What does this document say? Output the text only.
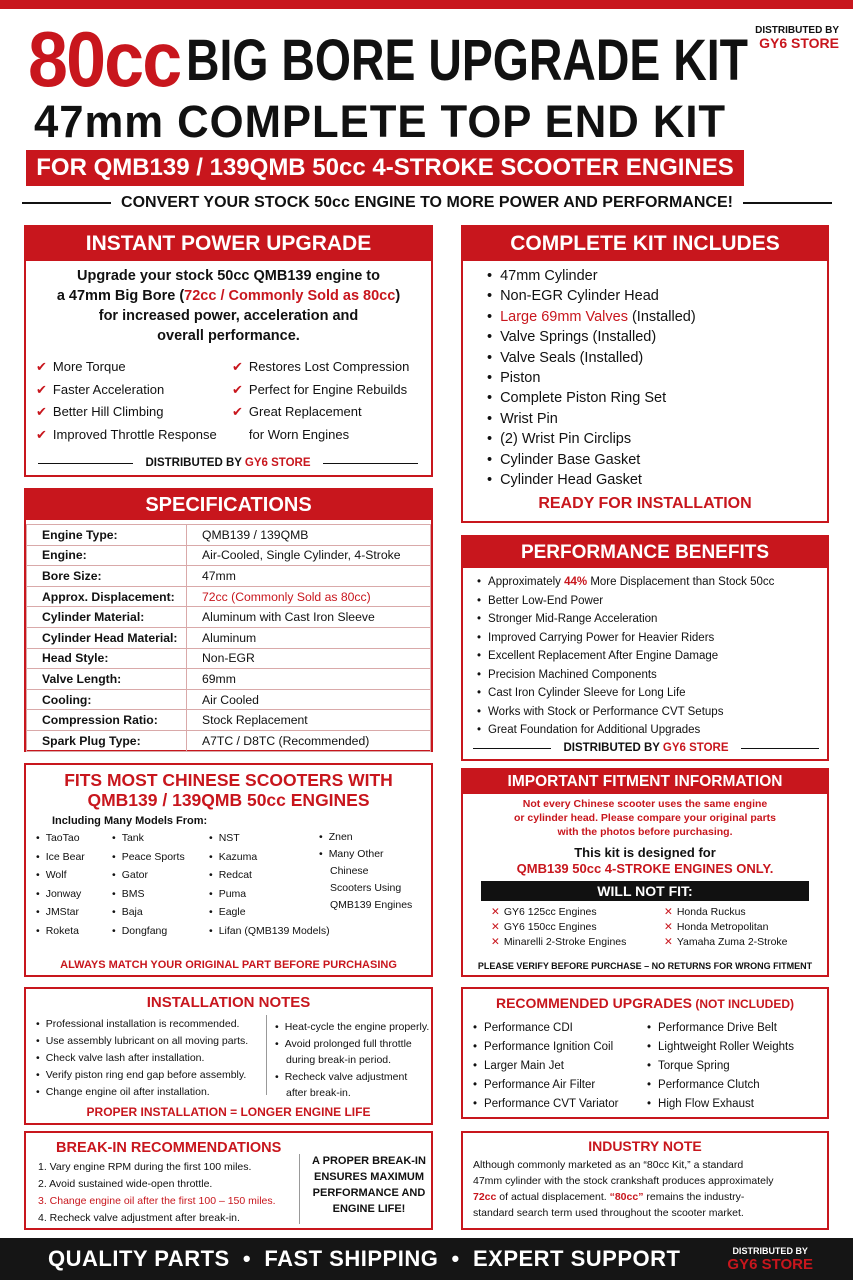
80cc BIG BORE UPGRADE KIT DISTRIBUTED BY
GY6 STORE
47mm COMPLETE TOP END KIT
FOR QMB139 / 139QMB 50cc 4-STROKE SCOOTER ENGINES
CONVERT YOUR STOCK 50cc ENGINE TO MORE POWER AND PERFORMANCE!
INSTANT POWER UPGRADE
Upgrade your stock 50cc QMB139 engine to
a 47mm Big Bore (72cc / Commonly Sold as 80cc)
for increased power, acceleration and
overall performance.
✔ More Torque
✔ Faster Acceleration
✔ Better Hill Climbing
✔ Improved Throttle Response
✔ Restores Lost Compression
✔ Perfect for Engine Rebuilds
✔ Great Replacement
for Worn Engines
DISTRIBUTED BY GY6 STORE
COMPLETE KIT INCLUDES
• 47mm Cylinder
• Non-EGR Cylinder Head
• Large 69mm Valves (Installed)
• Valve Springs (Installed)
• Valve Seals (Installed)
• Piston
• Complete Piston Ring Set
• Wrist Pin
• (2) Wrist Pin Circlips
• Cylinder Base Gasket
• Cylinder Head Gasket
READY FOR INSTALLATION
SPECIFICATIONS
Engine Type:	QMB139 / 139QMB
Engine:	Air-Cooled, Single Cylinder, 4-Stroke
Bore Size:	47mm
Approx. Displacement:	72cc (Commonly Sold as 80cc)
Cylinder Material:	Aluminum with Cast Iron Sleeve
Cylinder Head Material:	Aluminum
Head Style:	Non-EGR
Valve Length:	69mm
Cooling:	Air Cooled
Compression Ratio:	Stock Replacement
Spark Plug Type:	A7TC / D8TC (Recommended)
PERFORMANCE BENEFITS
• Approximately 44% More Displacement than Stock 50cc
• Better Low-End Power
• Stronger Mid-Range Acceleration
• Improved Carrying Power for Heavier Riders
• Excellent Replacement After Engine Damage
• Precision Machined Components
• Cast Iron Cylinder Sleeve for Long Life
• Works with Stock or Performance CVT Setups
• Great Foundation for Additional Upgrades
DISTRIBUTED BY GY6 STORE
FITS MOST CHINESE SCOOTERS WITH
QMB139 / 139QMB 50cc ENGINES
Including Many Models From:
• TaoTao
• Ice Bear
• Wolf
• Jonway
• JMStar
• Roketa
• Tank
• Peace Sports
• Gator
• BMS
• Baja
• Dongfang
• NST
• Kazuma
• Redcat
• Puma
• Eagle
• Lifan (QMB139 Models)
• Znen
• Many Other
Chinese
Scooters Using
QMB139 Engines
ALWAYS MATCH YOUR ORIGINAL PART BEFORE PURCHASING
IMPORTANT FITMENT INFORMATION
Not every Chinese scooter uses the same engine
or cylinder head. Please compare your original parts
with the photos before purchasing.
This kit is designed for
QMB139 50cc 4-STROKE ENGINES ONLY.
WILL NOT FIT:
✕ GY6 125cc Engines
✕ GY6 150cc Engines
✕ Minarelli 2-Stroke Engines
✕ Honda Ruckus
✕ Honda Metropolitan
✕ Yamaha Zuma 2-Stroke
PLEASE VERIFY BEFORE PURCHASE – NO RETURNS FOR WRONG FITMENT
INSTALLATION NOTES
• Professional installation is recommended.
• Use assembly lubricant on all moving parts.
• Check valve lash after installation.
• Verify piston ring end gap before assembly.
• Change engine oil after installation.
• Heat-cycle the engine properly.
• Avoid prolonged full throttle
during break-in period.
• Recheck valve adjustment
after break-in.
PROPER INSTALLATION = LONGER ENGINE LIFE
RECOMMENDED UPGRADES (NOT INCLUDED)
• Performance CDI
• Performance Ignition Coil
• Larger Main Jet
• Performance Air Filter
• Performance CVT Variator
• Performance Drive Belt
• Lightweight Roller Weights
• Torque Spring
• Performance Clutch
• High Flow Exhaust
BREAK-IN RECOMMENDATIONS
1. Vary engine RPM during the first 100 miles.
2. Avoid sustained wide-open throttle.
3. Change engine oil after the first 100 – 150 miles.
4. Recheck valve adjustment after break-in.
A PROPER BREAK-IN
ENSURES MAXIMUM
PERFORMANCE AND
ENGINE LIFE!
INDUSTRY NOTE
Although commonly marketed as an “80cc Kit,” a standard
47mm cylinder with the stock crankshaft produces approximately
72cc of actual displacement. “80cc” remains the industry-
standard search term used throughout the scooter market.
QUALITY PARTS  •  FAST SHIPPING  •  EXPERT SUPPORT	DISTRIBUTED BY
GY6 STORE
